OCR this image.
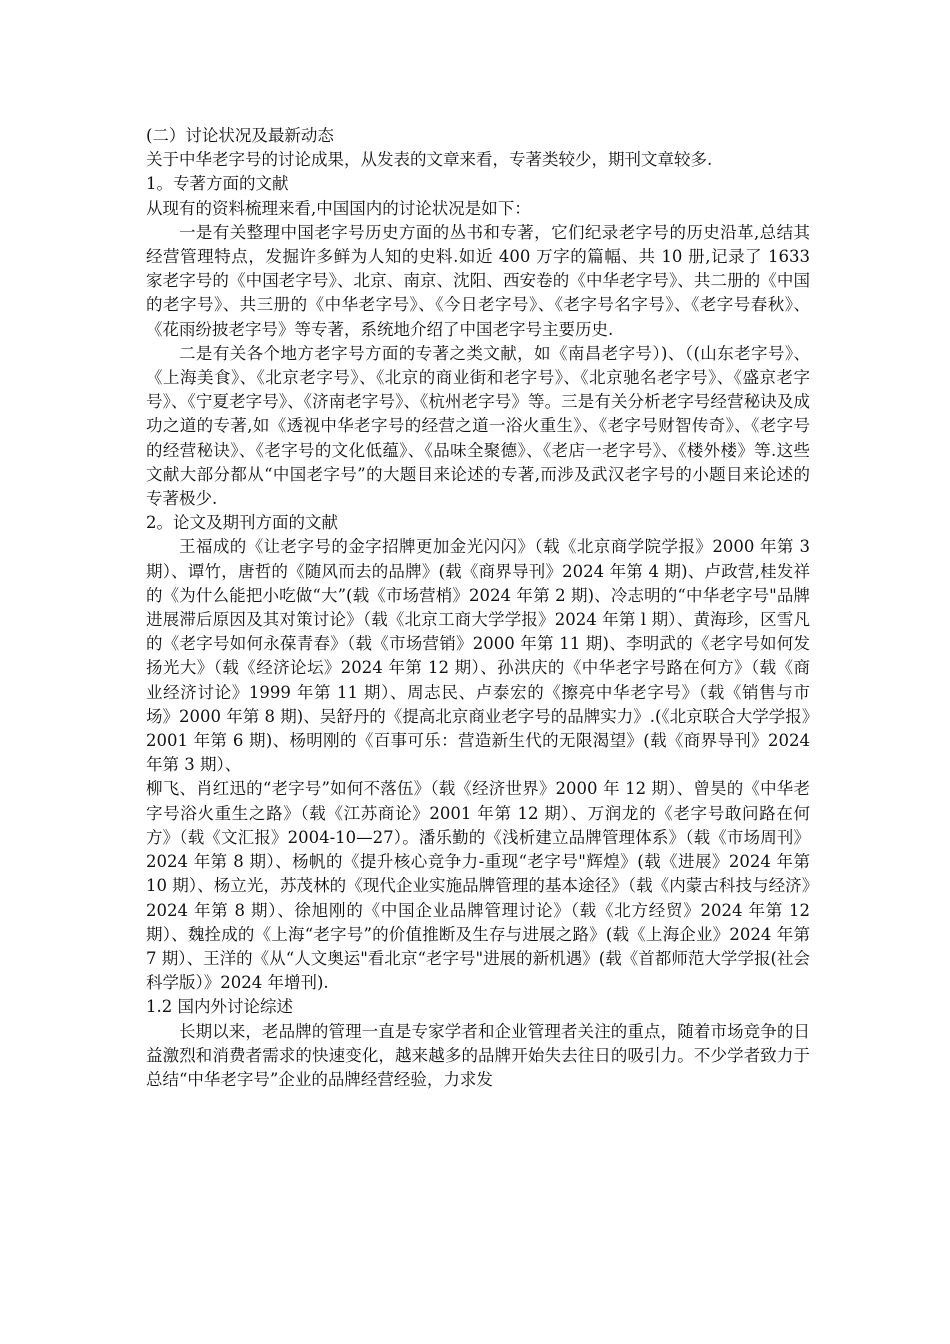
(二）讨论状况及最新动态

关于中华老字号的讨论成果，从发表的文章来看，专著类较少，期刊文章较多.

1。专著方面的文献

从现有的资料梳理来看,中国国内的讨论状况是如下：

一是有关整理中国老字号历史方面的丛书和专著，它们纪录老字号的历史沿革,总结其经营管理特点，发掘许多鲜为人知的史料.如近 400 万字的篇幅、共 10 册,记录了 1633 家老字号的《中国老字号》、北京、南京、沈阳、西安卷的《中华老字号》、共二册的《中国的老字号》、共三册的《中华老字号》、《今日老字号》、《老字号名字号》、《老字号春秋》、《花雨纷披老字号》等专著，系统地介绍了中国老字号主要历史.

二是有关各个地方老字号方面的专著之类文献，如《南昌老字号）)、（(山东老字号》、《上海美食》、《北京老字号》、《北京的商业街和老字号》、《北京驰名老字号》、《盛京老字号》、《宁夏老字号》、《济南老字号》、《杭州老字号》等。三是有关分析老字号经营秘诀及成功之道的专著,如《透视中华老字号的经营之道一浴火重生》、《老字号财智传奇》、《老字号的经营秘诀》、《老字号的文化低蕴》、《品味全聚德》、《老店一老字号》、《楼外楼》等.这些文献大部分都从“中国老字号”的大题目来论述的专著,而涉及武汉老字号的小题目来论述的专著极少.

2。论文及期刊方面的文献

王福成的《让老字号的金字招牌更加金光闪闪》（载《北京商学院学报》2000 年第 3 期）、谭竹，唐哲的《随风而去的品牌》(载《商界导刊》2024 年第 4 期)、卢政营,桂发祥的《为什么能把小吃做“大”(载《市场营梢》2024 年第 2 期)、冷志明的“中华老字号"品牌进展滞后原因及其对策讨论》（载《北京工商大学学报》2024 年第 l 期）、黄海珍，区雪凡的《老字号如何永葆青春》（载《市场营销》2000 年第 11 期)、李明武的《老字号如何发扬光大》（载《经济论坛》2024 年第 12 期）、孙洪庆的《中华老字号路在何方》（载《商业经济讨论》1999 年第 11 期）、周志民、卢泰宏的《擦亮中华老字号》（载《销售与市场》2000 年第 8 期)、吴舒丹的《提高北京商业老字号的品牌实力》.(《北京联合大学学报》2001 年第 6 期)、杨明刚的《百事可乐：营造新生代的无限渴望》(载《商界导刊》2024 年第 3 期）、

柳飞、肖红迅的“老字号”如何不落伍》（载《经济世界》2000 年 12 期）、曾昊的《中华老字号浴火重生之路》（载《江苏商论》2001 年第 12 期）、万润龙的《老字号敢问路在何方》（载《文汇报》2004-10—27）。潘乐勤的《浅析建立品牌管理体系》（载《市场周刊》2024 年第 8 期）、杨帆的《提升核心竞争力-重现“老字号"辉煌》(载《进展》2024 年第 10 期）、杨立光，苏茂林的《现代企业实施品牌管理的基本途径》（载《内蒙古科技与经济》2024 年第 8 期）、徐旭刚的《中国企业品牌管理讨论》（载《北方经贸》2024 年第 12 期）、魏拴成的《上海“老字号”的价值推断及生存与进展之路》(载《上海企业》2024 年第 7 期）、王洋的《从“人文奥运"看北京“老字号"进展的新机遇》(载《首都师范大学学报(社会科学版）》2024 年增刊).

1.2 国内外讨论综述

长期以来，老品牌的管理一直是专家学者和企业管理者关注的重点，随着市场竞争的日益激烈和消费者需求的快速变化，越来越多的品牌开始失去往日的吸引力。不少学者致力于总结“中华老字号”企业的品牌经营经验，力求发
